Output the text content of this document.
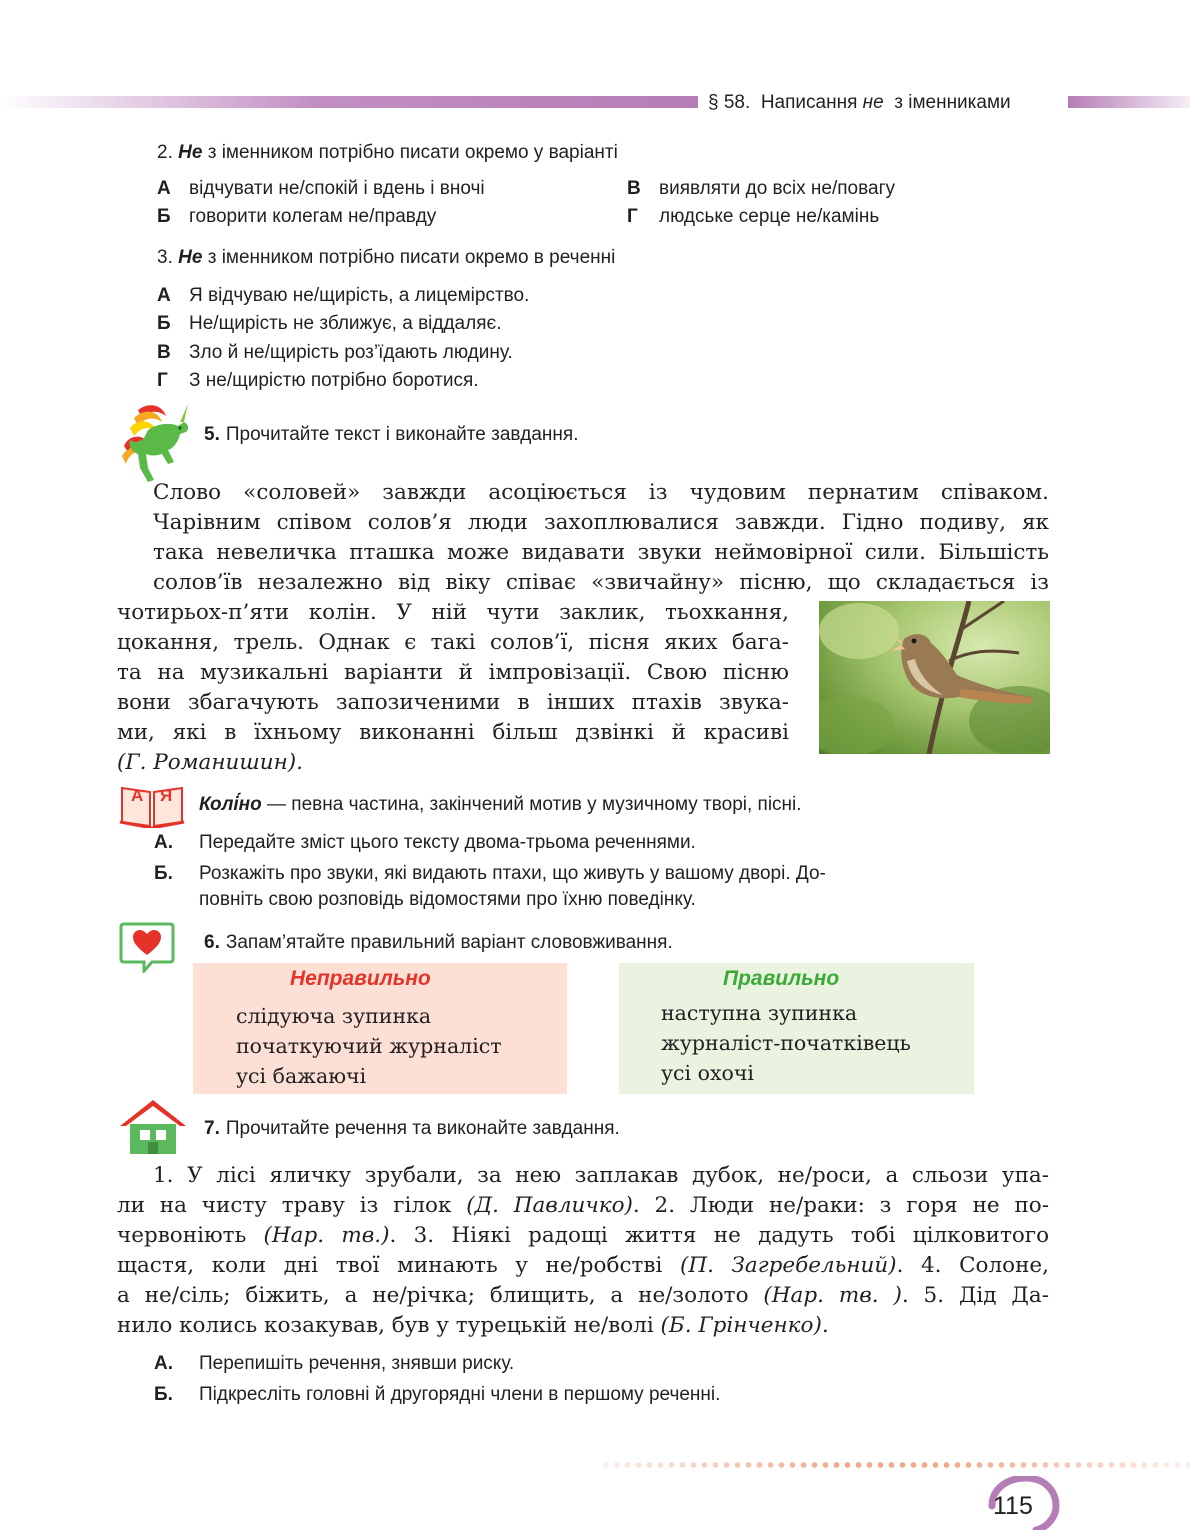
§ 58. Написання не з іменниками
2. Не з іменником потрібно писати окремо у варіанті
А відчувати не/спокій і вдень і вночі
Б говорити колегам не/правду
В виявляти до всіх не/повагу
Г людське серце не/камінь
3. Не з іменником потрібно писати окремо в реченні
А Я відчуваю не/щирість, а лицемірство.
Б Не/щирість не зближує, а віддаляє.
В Зло й не/щирість роз’їдають людину.
Г З не/щирістю потрібно боротися.
5. Прочитайте текст і виконайте завдання.
Слово «соловей» завжди асоціюється із чудовим пернатим співаком.
Чарівним співом солов’я люди захоплювалися завжди. Гідно подиву, як
така невеличка пташка може видавати звуки неймовірної сили. Більшість
солов’їв незалежно від віку співає «звичайну» пісню, що складається із
чотирьох-п’яти колін. У ній чути заклик, тьохкання,
цокання, трель. Однак є такі солов’ї, пісня яких бага-
та на музикальні варіанти й імпровізації. Свою пісню
вони збагачують запозиченими в інших птахів звука-
ми, які в їхньому виконанні більш дзвінкі й красиві
(Г. Романишин).
А Я Колі́но — певна частина, закінчений мотив у музичному творі, пісні.
А. Передайте зміст цього тексту двома-трьома реченнями.
Б. Розкажіть про звуки, які видають птахи, що живуть у вашому дворі. До-
повніть свою розповідь відомостями про їхню поведінку.
6. Запам’ятайте правильний варіант слововживання.
Неправильно
слідуюча зупинка
початкуючий журналіст
усі бажаючі
Правильно
наступна зупинка
журналіст-початківець
усі охочі
7. Прочитайте речення та виконайте завдання.
1. У лісі яличку зрубали, за нею заплакав дубок, не/роси, а сльози упа-
ли на чисту траву із гілок (Д. Павличко). 2. Люди не/раки: з горя не по-
червоніють (Нар. тв.). 3. Ніякі радощі життя не дадуть тобі цілковитого
щастя, коли дні твої минають у не/робстві (П. Загребельний). 4. Солоне,
а не/сіль; біжить, а не/річка; блищить, а не/золото (Нар. тв. ). 5. Дід Да-
нило колись козакував, був у турецькій не/волі (Б. Грінченко).
А. Перепишіть речення, знявши риску.
Б. Підкресліть головні й другорядні члени в першому реченні.
115
